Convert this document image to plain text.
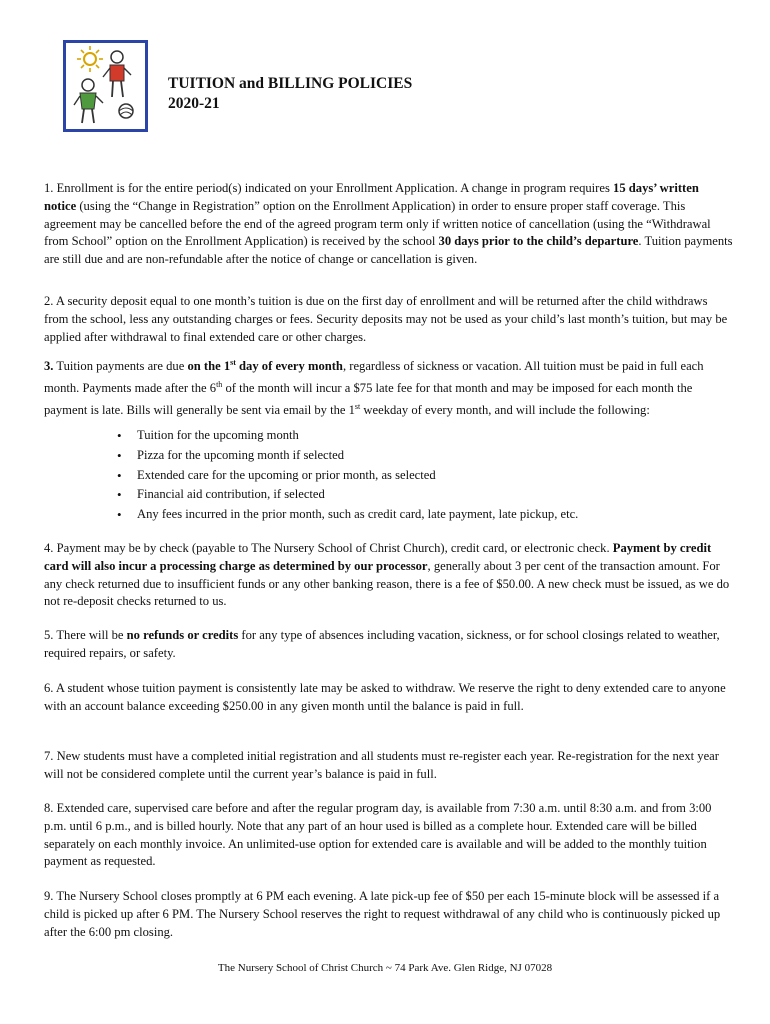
TUITION and BILLING POLICIES
2020-21

1. Enrollment is for the entire period(s) indicated on your Enrollment Application. A change in program requires 15 days’ written notice (using the “Change in Registration” option on the Enrollment Application) in order to ensure proper staff coverage. This agreement may be cancelled before the end of the agreed program term only if written notice of cancellation (using the “Withdrawal from School” option on the Enrollment Application) is received by the school 30 days prior to the child’s departure. Tuition payments are still due and are non-refundable after the notice of change or cancellation is given.

2. A security deposit equal to one month’s tuition is due on the first day of enrollment and will be returned after the child withdraws from the school, less any outstanding charges or fees. Security deposits may not be used as your child’s last month’s tuition, but may be applied after withdrawal to final extended care or other charges.

3. Tuition payments are due on the 1st day of every month, regardless of sickness or vacation. All tuition must be paid in full each month. Payments made after the 6th of the month will incur a $75 late fee for that month and may be imposed for each month the payment is late. Bills will generally be sent via email by the 1st weekday of every month, and will include the following:

• Tuition for the upcoming month
• Pizza for the upcoming month if selected
• Extended care for the upcoming or prior month, as selected
• Financial aid contribution, if selected
• Any fees incurred in the prior month, such as credit card, late payment, late pickup, etc.

4. Payment may be by check (payable to The Nursery School of Christ Church), credit card, or electronic check. Payment by credit card will also incur a processing charge as determined by our processor, generally about 3 per cent of the transaction amount. For any check returned due to insufficient funds or any other banking reason, there is a fee of $50.00. A new check must be issued, as we do not re-deposit checks returned to us.

5. There will be no refunds or credits for any type of absences including vacation, sickness, or for school closings related to weather, required repairs, or safety.

6. A student whose tuition payment is consistently late may be asked to withdraw. We reserve the right to deny extended care to anyone with an account balance exceeding $250.00 in any given month until the balance is paid in full.

7. New students must have a completed initial registration and all students must re-register each year. Re-registration for the next year will not be considered complete until the current year’s balance is paid in full.

8. Extended care, supervised care before and after the regular program day, is available from 7:30 a.m. until 8:30 a.m. and from 3:00 p.m. until 6 p.m., and is billed hourly. Note that any part of an hour used is billed as a complete hour. Extended care will be billed separately on each monthly invoice. An unlimited-use option for extended care is available and will be added to the monthly tuition payment as requested.

9. The Nursery School closes promptly at 6 PM each evening. A late pick-up fee of $50 per each 15-minute block will be assessed if a child is picked up after 6 PM. The Nursery School reserves the right to request withdrawal of any child who is continuously picked up after the 6:00 pm closing.

The Nursery School of Christ Church ~ 74 Park Ave. Glen Ridge, NJ 07028
